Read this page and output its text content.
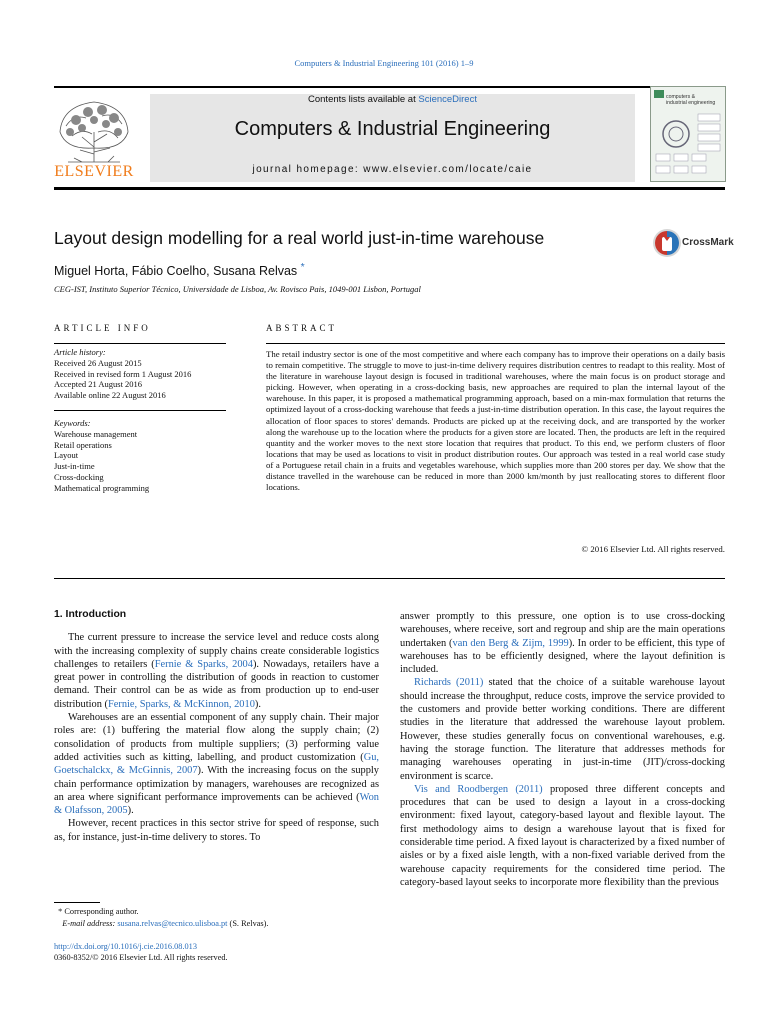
Computers & Industrial Engineering 101 (2016) 1–9
ELSEVIER
Contents lists available at ScienceDirect
Computers & Industrial Engineering
journal homepage: www.elsevier.com/locate/caie
computers &
industrial engineering
Layout design modelling for a real world just-in-time warehouse
Miguel Horta, Fábio Coelho, Susana Relvas *
CEG-IST, Instituto Superior Técnico, Universidade de Lisboa, Av. Rovisco Pais, 1049-001 Lisbon, Portugal
CrossMark
ARTICLE INFO	ABSTRACT
Article history:
Received 26 August 2015
Received in revised form 1 August 2016
Accepted 21 August 2016
Available online 22 August 2016
Keywords:
Warehouse management
Retail operations
Layout
Just-in-time
Cross-docking
Mathematical programming
The retail industry sector is one of the most competitive and where each company has to improve their operations on a daily basis to remain competitive. The struggle to move to just-in-time delivery requires distribution centres to readapt to this reality. Most of the literature in warehouse layout design is focused in traditional warehouses, where the main focus is on product storage and picking. However, when operating in a cross-docking basis, new approaches are required to plan the internal layout of the warehouse. In this paper, it is proposed a mathematical programming approach, based on a min-max formulation that returns the optimized layout of a cross-docking warehouse that feeds a just-in-time distribution operation. In this case, the layout requires the allocation of floor spaces to stores' demands. Products are picked up at the receiving dock, and are transported by the worker along the warehouse up to the location where the products for a given store are located. Then, the products are left in the required quantity and the worker moves to the next store location that requires that product. To this end, we perform clusters of floor locations that may be used as locations to visit in product distribution routes. Our approach was tested in a real world case study of a Portuguese retail chain in a fruits and vegetables warehouse, which supplies more than 200 stores per day. We show that the distance travelled in the warehouse can be reduced in more than 2000 km/month by just reallocating stores to different floor locations.
© 2016 Elsevier Ltd. All rights reserved.
1. Introduction

The current pressure to increase the service level and reduce costs along with the increasing complexity of supply chains create considerable logistics challenges to retailers (Fernie & Sparks, 2004). Nowadays, retailers have a great power in controlling the distribution of goods in reaction to customer demand. Their control can be as wide as from production up to end-user distribution (Fernie, Sparks, & McKinnon, 2010).

Warehouses are an essential component of any supply chain. Their major roles are: (1) buffering the material flow along the supply chain; (2) consolidation of products from multiple suppliers; (3) performing value added activities such as kitting, labelling, and product customization (Gu, Goetschalckx, & McGinnis, 2007). With the increasing focus on the supply chain performance optimization by managers, warehouses are recognized as an area where significant performance improvements can be achieved (Won & Olafsson, 2005).

However, recent practices in this sector strive for speed of response, such as, for instance, just-in-time delivery to stores. To

answer promptly to this pressure, one option is to use cross-docking warehouses, where receive, sort and regroup and ship are the main operations undertaken (van den Berg & Zijm, 1999). In order to be efficient, this type of warehouses has to be efficiently designed, where the layout definition is included.

Richards (2011) stated that the choice of a suitable warehouse layout should increase the throughput, reduce costs, improve the service provided to the customers and provide better working conditions. There are different studies in the literature that addressed the warehouse layout problem. However, these studies generally focus on conventional warehouses, e.g. having the storage function. The literature that addresses methods for managing warehouses operating in just-in-time (JIT)/cross-docking environment is scarce.

Vis and Roodbergen (2011) proposed three different concepts and procedures that can be used to design a layout in a cross-docking environment: fixed layout, category-based layout and flexible layout. The first methodology aims to design a warehouse layout that is fixed for considerable time period. A fixed layout is characterized by a fixed number of aisles or by a fixed aisle length, with a non-fixed variable derived from the warehouse capacity requirements for the considered time period. The category-based layout seeks to incorporate more flexibility than the previous

* Corresponding author.
E-mail address: susana.relvas@tecnico.ulisboa.pt (S. Relvas).
http://dx.doi.org/10.1016/j.cie.2016.08.013
0360-8352/© 2016 Elsevier Ltd. All rights reserved.
